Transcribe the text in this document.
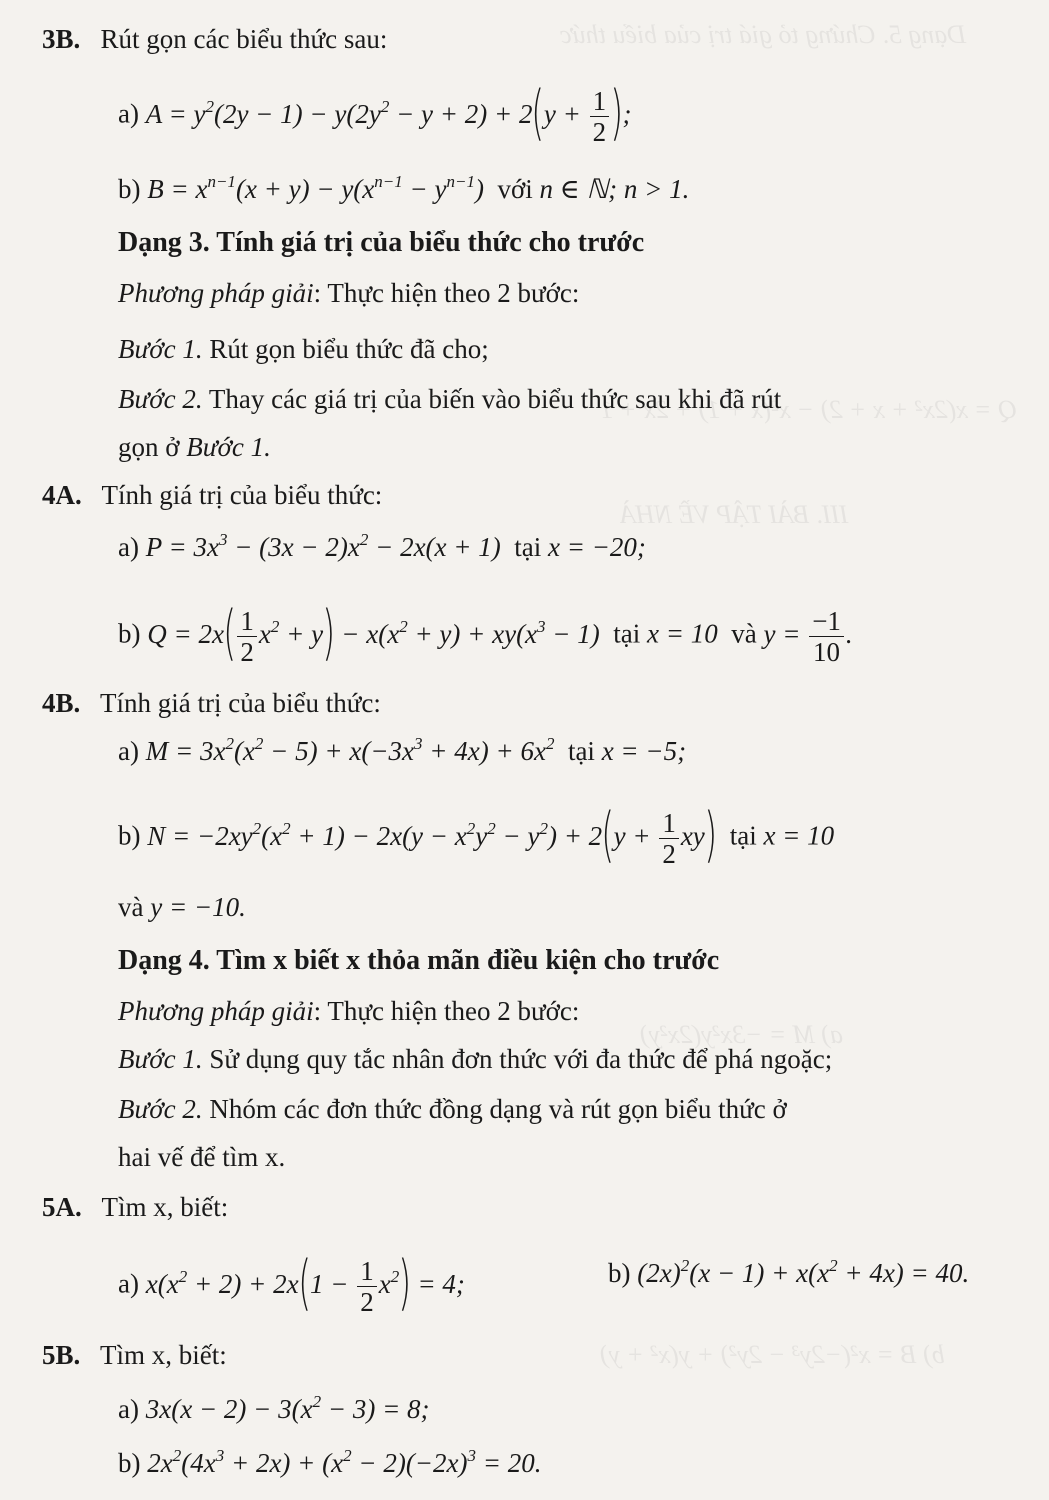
Dạng 5. Chứng tỏ giá trị của biểu thức
Q = x(2x² + x + 2) − x²(x + 1) + 2x + 1
III. BÀI TẬP VỀ NHÀ
a) M = −3x²y(2x²y)
b) B = x²(−2y³ − 2y²) + y(x² + y)
3B. Rút gọn các biểu thức sau:
a) $A = y^2(2y - 1) - y(2y^2 - y + 2) + 2(y + \frac{1}{2}$ );
b) $B = x^{n-1}(x + y) - y(x^{n-1} - y^{n-1})$ với n ∈ ℕ; n > 1.
Dạng 3. Tính giá trị của biểu thức cho trước
Phương pháp giải: Thực hiện theo 2 bước:
Bước 1. Rút gọn biểu thức đã cho;
Bước 2. Thay các giá trị của biến vào biểu thức sau khi đã rút
gọn ở Bước 1.
4A. Tính giá trị của biểu thức:
a) $P = 3x^3 - (3x - 2)x^2 - 2x(x + 1)$ tại x = −20;
b) $Q = 2x( \frac{1}{2} x^2 + y) - x(x^2 + y) + xy(x^3 - 1)$ tại x = 10 và $y = \frac{-1}{10}$ .
4B. Tính giá trị của biểu thức:
a) $M = 3x^2(x^2 - 5) + x(-3x^3 + 4x) + 6x^2$ tại x = −5;
b) $N = -2xy^2(x^2 + 1) - 2x(y - x^2y^2 - y^2) + 2(y + \frac{1}{2} xy)$ tại x = 10
và y = −10.
Dạng 4. Tìm x biết x thỏa mãn điều kiện cho trước
Phương pháp giải: Thực hiện theo 2 bước:
Bước 1. Sử dụng quy tắc nhân đơn thức với đa thức để phá ngoặc;
Bước 2. Nhóm các đơn thức đồng dạng và rút gọn biểu thức ở
hai vế để tìm x.
5A. Tìm x, biết:
a) $x(x^2 + 2) + 2x(1 - \frac{1}{2} x^2) = 4$;	b) $(2x)^2(x - 1) + x(x^2 + 4x) = 40$.
5B. Tìm x, biết:
a) $3x(x - 2) - 3(x^2 - 3) = 8$;
b) $2x^2(4x^3 + 2x) + (x^2 - 2)(-2x)^3 = 20$.
